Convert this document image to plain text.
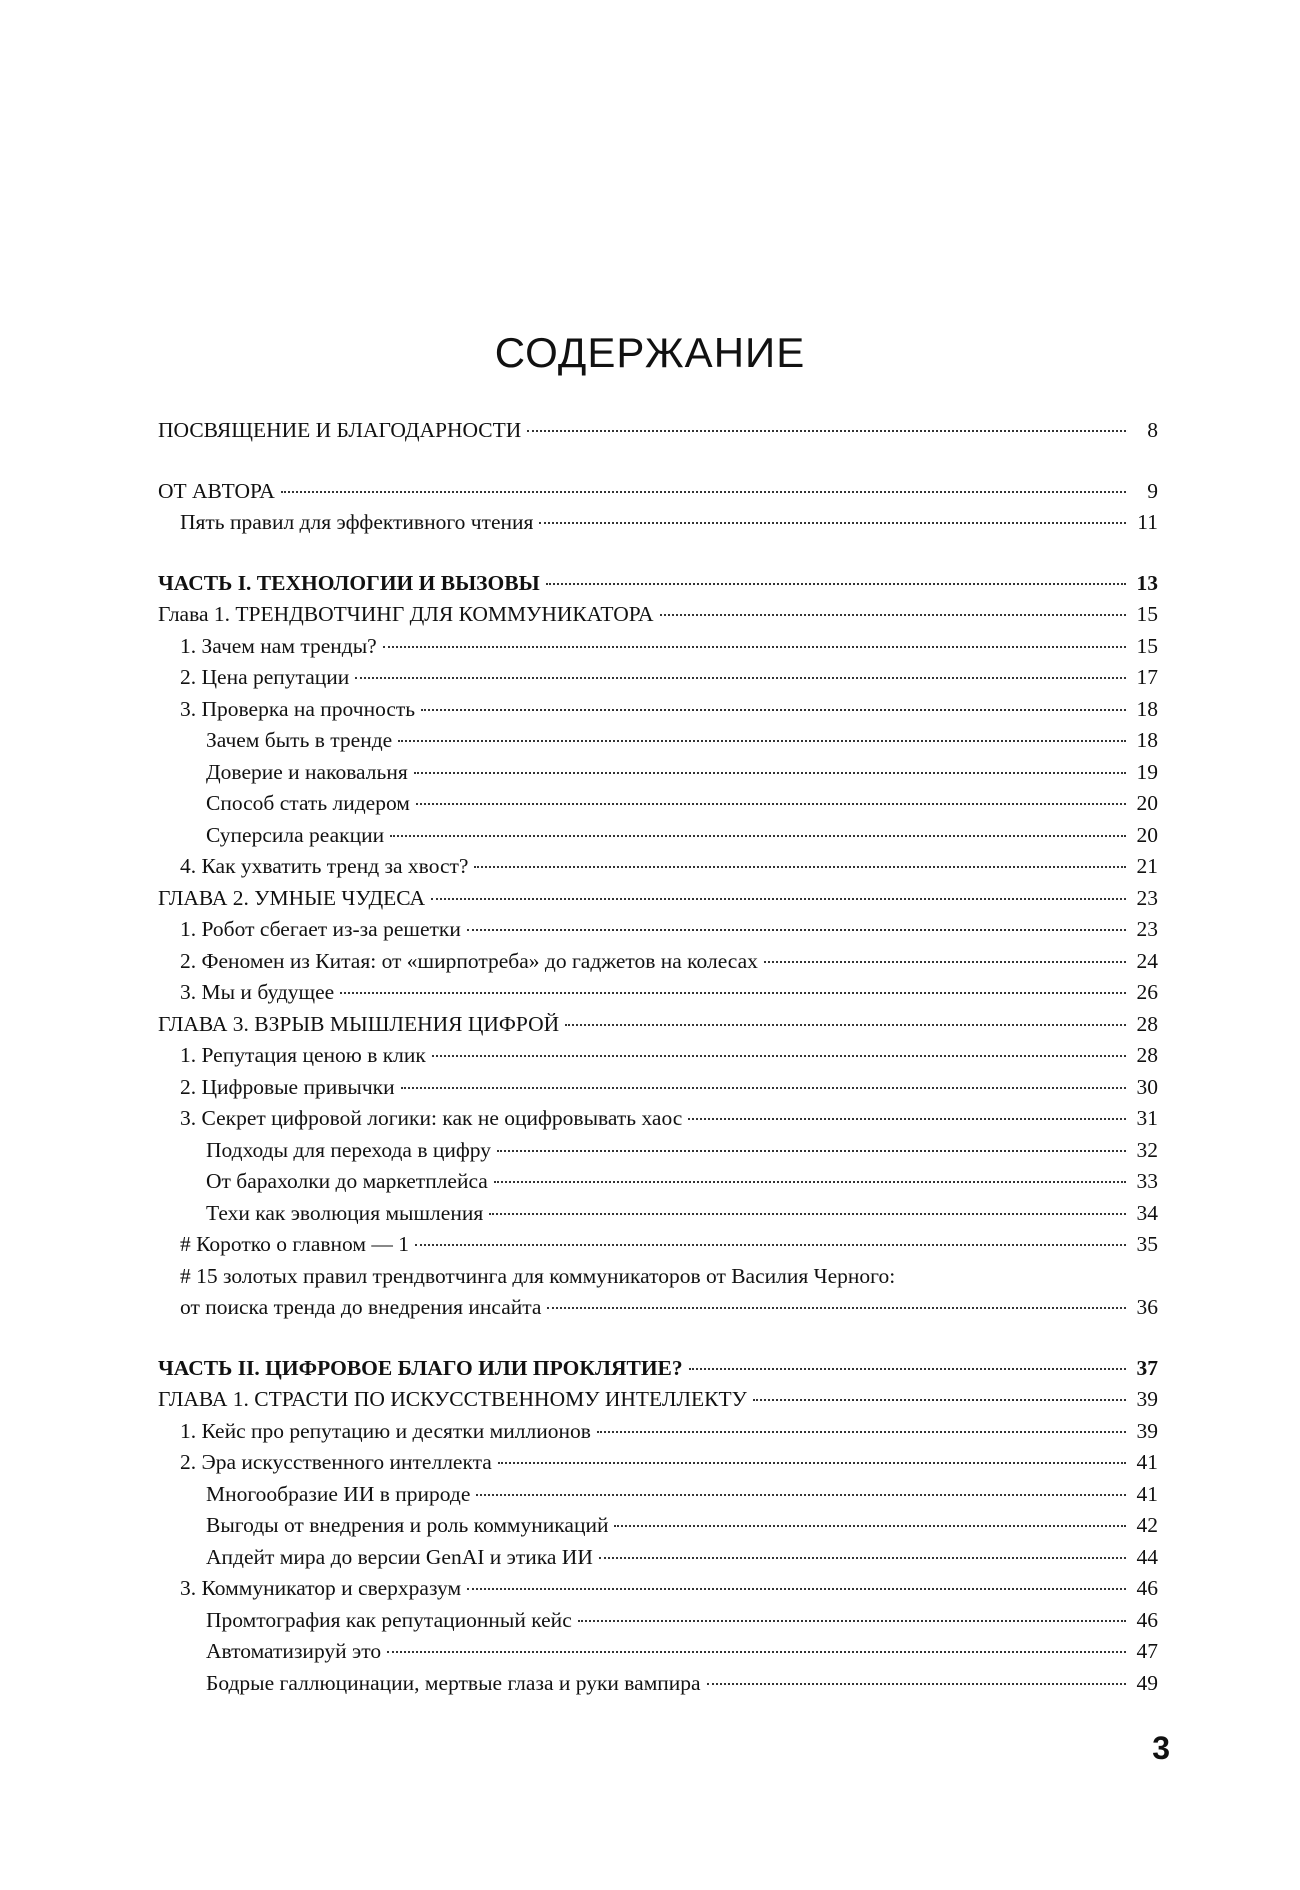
СОДЕРЖАНИЕ
ПОСВЯЩЕНИЕ И БЛАГОДАРНОСТИ	8
ОТ АВТОРА	9
Пять правил для эффективного чтения	11
ЧАСТЬ I. ТЕХНОЛОГИИ И ВЫЗОВЫ	13
Глава 1. ТРЕНДВОТЧИНГ ДЛЯ КОММУНИКАТОРА	15
1. Зачем нам тренды?	15
2. Цена репутации	17
3. Проверка на прочность	18
Зачем быть в тренде	18
Доверие и наковальня	19
Способ стать лидером	20
Суперсила реакции	20
4. Как ухватить тренд за хвост?	21
ГЛАВА 2. УМНЫЕ ЧУДЕСА	23
1. Робот сбегает из-за решетки	23
2. Феномен из Китая: от «ширпотреба» до гаджетов на колесах	24
3. Мы и будущее	26
ГЛАВА 3. ВЗРЫВ МЫШЛЕНИЯ ЦИФРОЙ	28
1. Репутация ценою в клик	28
2. Цифровые привычки	30
3. Секрет цифровой логики: как не оцифровывать хаос	31
Подходы для перехода в цифру	32
От барахолки до маркетплейса	33
Техи как эволюция мышления	34
# Коротко о главном — 1	35
# 15 золотых правил трендвотчинга для коммуникаторов от Василия Черного:
от поиска тренда до внедрения инсайта	36
ЧАСТЬ II. ЦИФРОВОЕ БЛАГО ИЛИ ПРОКЛЯТИЕ?	37
ГЛАВА 1. СТРАСТИ ПО ИСКУССТВЕННОМУ ИНТЕЛЛЕКТУ	39
1. Кейс про репутацию и десятки миллионов	39
2. Эра искусственного интеллекта	41
Многообразие ИИ в природе	41
Выгоды от внедрения и роль коммуникаций	42
Апдейт мира до версии GenAI и этика ИИ	44
3. Коммуникатор и сверхразум	46
Промтография как репутационный кейс	46
Автоматизируй это	47
Бодрые галлюцинации, мертвые глаза и руки вампира	49
3
